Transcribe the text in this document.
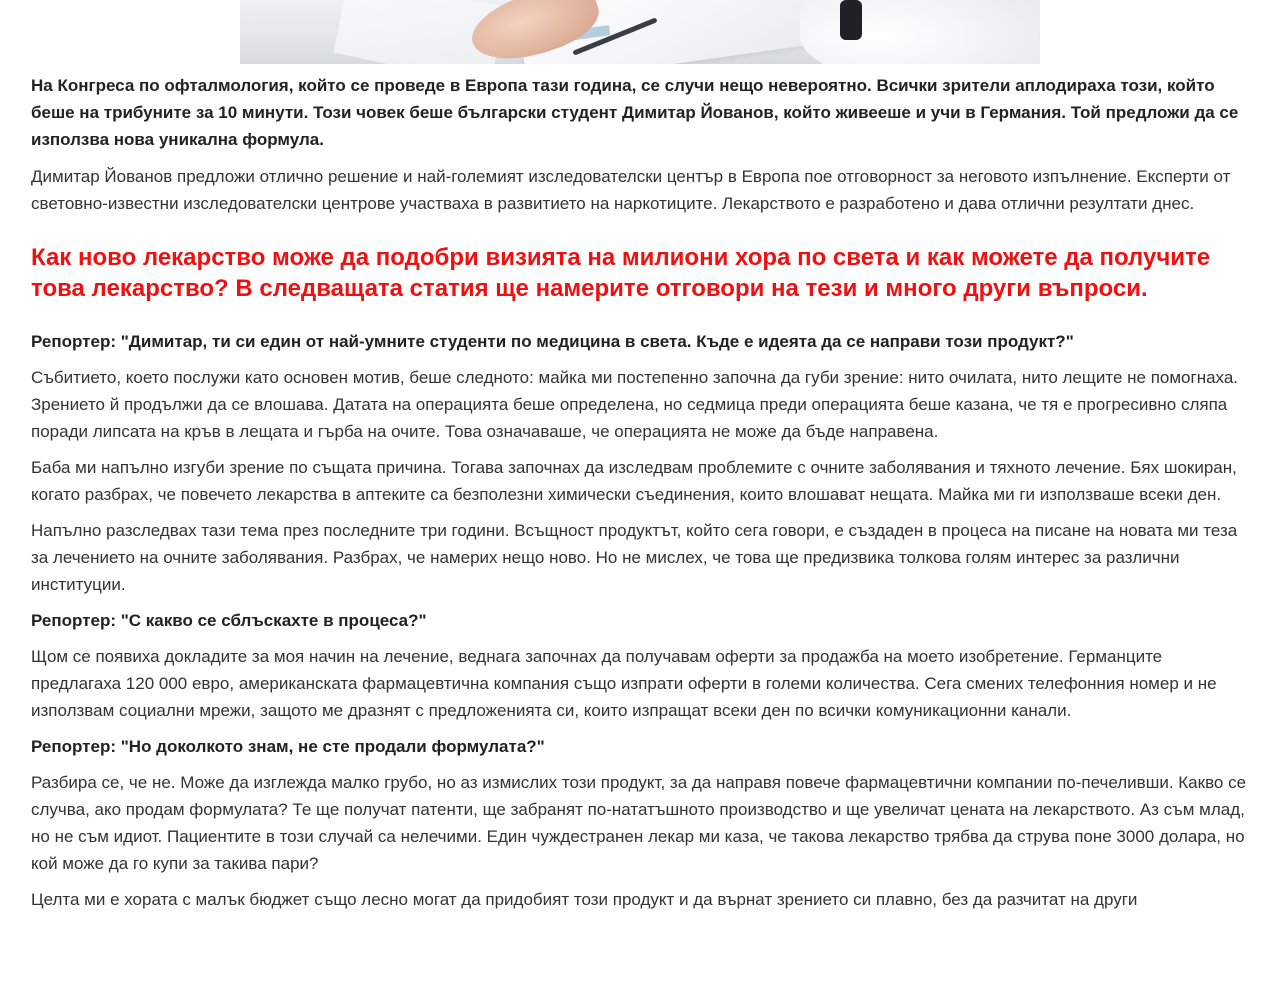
На Конгреса по офталмология, който се проведе в Европа тази година, се случи нещо невероятно. Всички зрители аплодираха този, който беше на трибуните за 10 минути. Този човек беше български студент Димитар Йованов, който живееше и учи в Германия. Той предложи да се използва нова уникална формула.

Димитар Йованов предложи отлично решение и най-големият изследователски център в Европа пое отговорност за неговото изпълнение. Експерти от световно-известни изследователски центрове участваха в развитието на наркотиците. Лекарството е разработено и дава отлични резултати днес.

Как ново лекарство може да подобри визията на милиони хора по света и как можете да получите това лекарство? В следващата статия ще намерите отговори на тези и много други въпроси.

Репортер: "Димитар, ти си един от най-умните студенти по медицина в света. Къде е идеята да се направи този продукт?"

Събитието, което послужи като основен мотив, беше следното: майка ми постепенно започна да губи зрение: нито очилата, нито лещите не помогнаха. Зрението й продължи да се влошава. Датата на операцията беше определена, но седмица преди операцията беше казана, че тя е прогресивно сляпа поради липсата на кръв в лещата и гърба на очите. Това означаваше, че операцията не може да бъде направена.

Баба ми напълно изгуби зрение по същата причина. Тогава започнах да изследвам проблемите с очните заболявания и тяхното лечение. Бях шокиран, когато разбрах, че повечето лекарства в аптеките са безполезни химически съединения, които влошават нещата. Майка ми ги използваше всеки ден.

Напълно разследвах тази тема през последните три години. Всъщност продуктът, който сега говори, е създаден в процеса на писане на новата ми теза за лечението на очните заболявания. Разбрах, че намерих нещо ново. Но не мислех, че това ще предизвика толкова голям интерес за различни институции.

Репортер: "С какво се сблъскахте в процеса?"

Щом се появиха докладите за моя начин на лечение, веднага започнах да получавам оферти за продажба на моето изобретение. Германците предлагаха 120 000 евро, американската фармацевтична компания също изпрати оферти в големи количества. Сега смених телефонния номер и не използвам социални мрежи, защото ме дразнят с предложенията си, които изпращат всеки ден по всички комуникационни канали.

Репортер: "Но доколкото знам, не сте продали формулата?"

Разбира се, че не. Може да изглежда малко грубо, но аз измислих този продукт, за да направя повече фармацевтични компании по-печеливши. Какво се случва, ако продам формулата? Те ще получат патенти, ще забранят по-нататъшното производство и ще увеличат цената на лекарството. Аз съм млад, но не съм идиот. Пациентите в този случай са нелечими. Един чуждестранен лекар ми каза, че такова лекарство трябва да струва поне 3000 долара, но кой може да го купи за такива пари?

Целта ми е хората с малък бюджет също лесно могат да придобият този продукт и да върнат зрението си плавно, без да разчитат на други
